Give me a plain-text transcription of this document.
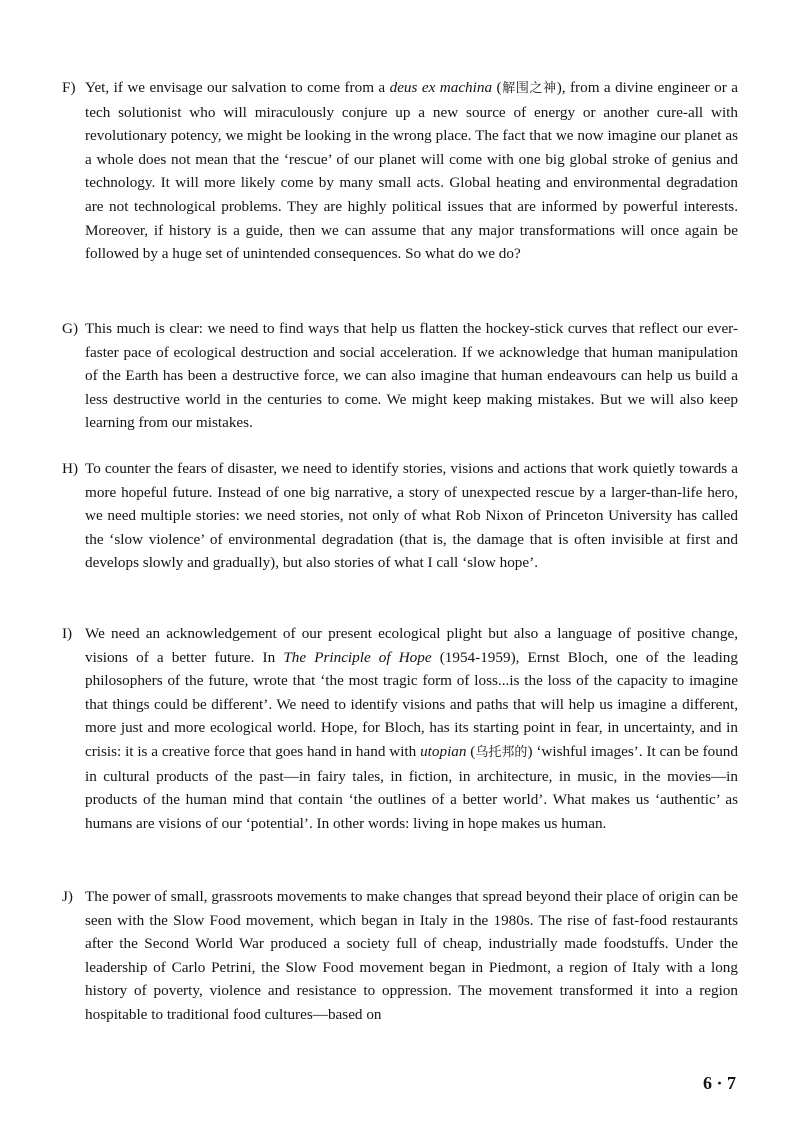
F) Yet, if we envisage our salvation to come from a deus ex machina (解围之神), from a divine engineer or a tech solutionist who will miraculously conjure up a new source of energy or another cure-all with revolutionary potency, we might be looking in the wrong place. The fact that we now imagine our planet as a whole does not mean that the ‘rescue’ of our planet will come with one big global stroke of genius and technology. It will more likely come by many small acts. Global heating and environmental degradation are not technological problems. They are highly political issues that are informed by powerful interests. Moreover, if history is a guide, then we can assume that any major transformations will once again be followed by a huge set of unintended consequences. So what do we do?
G) This much is clear: we need to find ways that help us flatten the hockey-stick curves that reflect our ever-faster pace of ecological destruction and social acceleration. If we acknowledge that human manipulation of the Earth has been a destructive force, we can also imagine that human endeavours can help us build a less destructive world in the centuries to come. We might keep making mistakes. But we will also keep learning from our mistakes.
H) To counter the fears of disaster, we need to identify stories, visions and actions that work quietly towards a more hopeful future. Instead of one big narrative, a story of unexpected rescue by a larger-than-life hero, we need multiple stories: we need stories, not only of what Rob Nixon of Princeton University has called the ‘slow violence’ of environmental degradation (that is, the damage that is often invisible at first and develops slowly and gradually), but also stories of what I call ‘slow hope’.
I) We need an acknowledgement of our present ecological plight but also a language of positive change, visions of a better future. In The Principle of Hope (1954-1959), Ernst Bloch, one of the leading philosophers of the future, wrote that ‘the most tragic form of loss...is the loss of the capacity to imagine that things could be different’. We need to identify visions and paths that will help us imagine a different, more just and more ecological world. Hope, for Bloch, has its starting point in fear, in uncertainty, and in crisis: it is a creative force that goes hand in hand with utopian (乌托邦的) ‘wishful images’. It can be found in cultural products of the past—in fairy tales, in fiction, in architecture, in music, in the movies—in products of the human mind that contain ‘the outlines of a better world’. What makes us ‘authentic’ as humans are visions of our ‘potential’. In other words: living in hope makes us human.
J) The power of small, grassroots movements to make changes that spread beyond their place of origin can be seen with the Slow Food movement, which began in Italy in the 1980s. The rise of fast-food restaurants after the Second World War produced a society full of cheap, industrially made foodstuffs. Under the leadership of Carlo Petrini, the Slow Food movement began in Piedmont, a region of Italy with a long history of poverty, violence and resistance to oppression. The movement transformed it into a region hospitable to traditional food cultures—based on
6 · 7
